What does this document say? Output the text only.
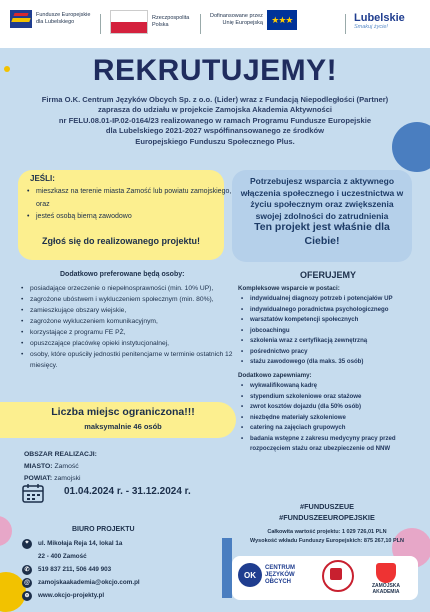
Fundusze Europejskie
dla Lubelskiego
Rzeczpospolita
Polska
Dofinansowane przez
Unię Europejską ★★★	Lubelskie
Smakuj życie!
REKRUTUJEMY!
Firma O.K. Centrum Języków Obcych Sp. z o.o. (Lider) wraz z Fundacją Niepodległości (Partner)
zaprasza do udziału w projekcie Zamojska Akademia Aktywności
nr FELU.08.01-IP.02-0164/23 realizowanego w ramach Programu Fundusze Europejskie
dla Lubelskiego 2021-2027 współfinansowanego ze środków
Europejskiego Funduszu Społecznego Plus.
JEŚLI:
• mieszkasz na terenie miasta Zamość lub powiatu zamojskiego, oraz
• jesteś osobą bierną zawodowo
Zgłoś się do realizowanego projektu!
Potrzebujesz wsparcia z aktywnego włączenia społecznego i uczestnictwa w życiu społecznym oraz zwiększenia swojej zdolności do zatrudnienia
Ten projekt jest właśnie dla Ciebie!
Dodatkowo preferowane będą osoby:
• posiadające orzeczenie o niepełnosprawności (min. 10% UP),
• zagrożone ubóstwem i wykluczeniem społecznym (min. 80%),
• zamieszkujące obszary wiejskie,
• zagrożone wykluczeniem komunikacyjnym,
• korzystające z programu FE PŻ,
• opuszczające placówkę opieki instytucjonalnej,
• osoby, które opuściły jednostki penitencjarne w terminie ostatnich 12 miesięcy.
Liczba miejsc ograniczona!!!
maksymalnie 46 osób
OBSZAR REALIZACJI:
MIASTO: Zamość
POWIAT: zamojski
01.04.2024 r. - 31.12.2024 r.
OFERUJEMY
Kompleksowe wsparcie w postaci:
• indywidualnej diagnozy potrzeb i potencjałów UP
• indywidualnego poradnictwa psychologicznego
• warsztatów kompetencji społecznych
• jobcoachingu
• szkolenia wraz z certyfikacją zewnętrzną
• pośrednictwo pracy
• stażu zawodowego (dla maks. 35 osób)
Dodatkowo zapewniamy:
• wykwalifikowaną kadrę
• stypendium szkoleniowe oraz stażowe
• zwrot kosztów dojazdu (dla 50% osób)
• niezbędne materiały szkoleniowe
• catering na zajęciach grupowych
• badania wstępne z zakresu medycyny pracy przed rozpoczęciem stażu oraz ubezpieczenie od NNW
#FUNDUSZEUE
#FUNDUSZEEUROPEJSKIE
Całkowita wartość projektu: 1 029 726,01 PLN
Wysokość wkładu Funduszy Europejskich: 875 267,10 PLN
BIURO PROJEKTU
⌖	ul. Mikołaja Reja 14, lokal 1a
22 - 400 Zamość
✆	519 837 211, 506 449 903
@	zamojskaakademia@okcjo.com.pl
⊕	www.okcjo-projekty.pl
OK
CENTRUM
JĘZYKÓW
OBCYCH
ZAMOJSKA
AKADEMIA
